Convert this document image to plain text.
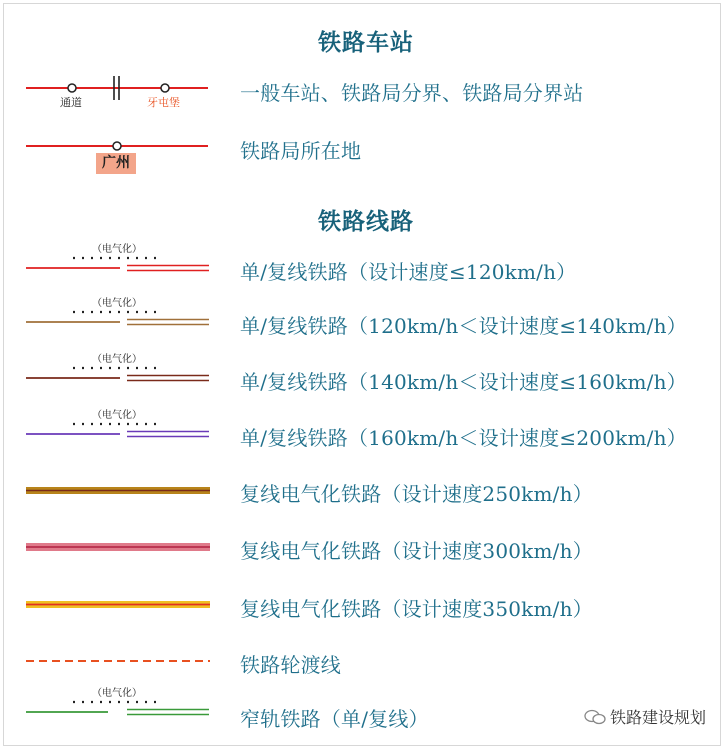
铁路车站
铁路线路
通道	牙屯堡
广州
（电气化）
（电气化）
（电气化）
（电气化）
（电气化）
一般车站、铁路局分界、铁路局分界站
铁路局所在地
单/复线铁路（设计速度≤120km/h）
单/复线铁路（120km/h＜设计速度≤140km/h）
单/复线铁路（140km/h＜设计速度≤160km/h）
单/复线铁路（160km/h＜设计速度≤200km/h）
复线电气化铁路（设计速度250km/h）
复线电气化铁路（设计速度300km/h）
复线电气化铁路（设计速度350km/h）
铁路轮渡线
窄轨铁路（单/复线）	铁路建设规划
